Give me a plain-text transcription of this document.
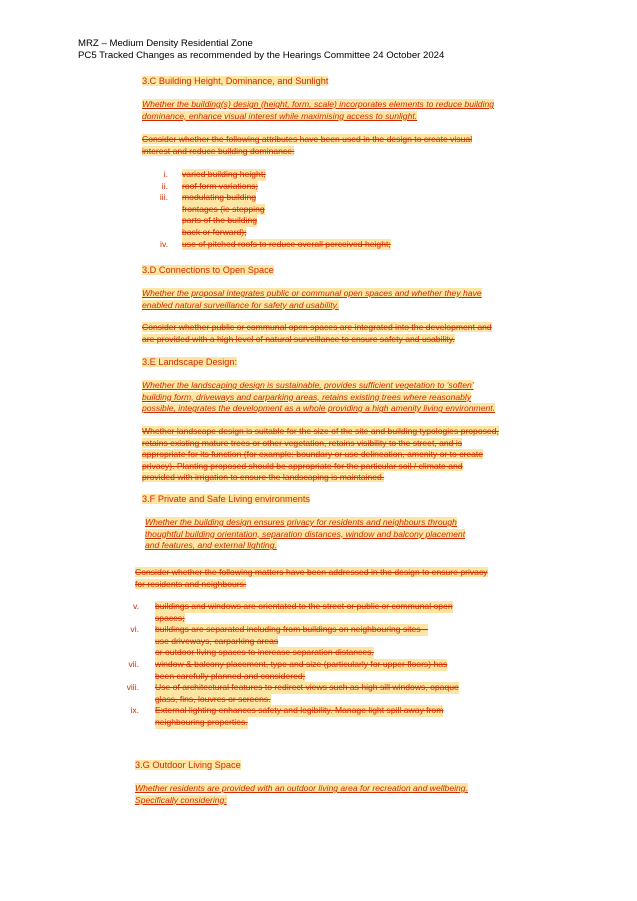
MRZ – Medium Density Residential Zone
PC5 Tracked Changes as recommended by the Hearings Committee 24 October 2024
3.C Building Height, Dominance, and Sunlight
Whether the building(s) design (height, form, scale) incorporates elements to reduce building
dominance, enhance visual interest while maximising access to sunlight.
Consider whether the following attributes have been used in the design to create visual
interest and reduce building dominance:
i. varied building height;
ii. roof form variations;
iii. modulating building
frontages (ie stepping
parts of the building
back or forward);
iv. use of pitched roofs to reduce overall perceived height;
3.D Connections to Open Space
Whether the proposal integrates public or communal open spaces and whether they have
enabled natural surveillance for safety and usability.
Consider whether public or communal open spaces are integrated into the development and
are provided with a high level of natural surveillance to ensure safety and usability.
3.E Landscape Design:
Whether the landscaping design is sustainable, provides sufficient vegetation to 'soften'
building form, driveways and carparking areas, retains existing trees where reasonably
possible, integrates the development as a whole providing a high amenity living environment.
Whether landscape design is suitable for the size of the site and building typologies proposed,
retains existing mature trees or other vegetation, retains visibility to the street, and is
appropriate for its function (for example: boundary or use delineation, amenity or to create
privacy). Planting proposed should be appropriate for the particular soil / climate and
provided with irrigation to ensure the landscaping is maintained.
3.F Private and Safe Living environments
Whether the building design ensures privacy for residents and neighbours through
thoughtful building orientation, separation distances, window and balcony placement
and features, and external lighting.
Consider whether the following matters have been addressed in the design to ensure privacy
for residents and neighbours:
v. buildings and windows are orientated to the street or public or communal open
spaces;
vi. buildings are separated including from buildings on neighbouring sites –
use driveways, carparking areas
or outdoor living spaces to increase separation distances.
vii. window & balcony placement, type and size (particularly for upper floors) has
been carefully planned and considered;
viii. Use of architectural features to redirect views such as high sill windows, opaque
glass, fins, louvres or screens.
ix. External lighting enhances safety and legibility. Manage light spill away from
neighbouring properties.
3.G Outdoor Living Space
Whether residents are provided with an outdoor living area for recreation and wellbeing.
Specifically considering:
